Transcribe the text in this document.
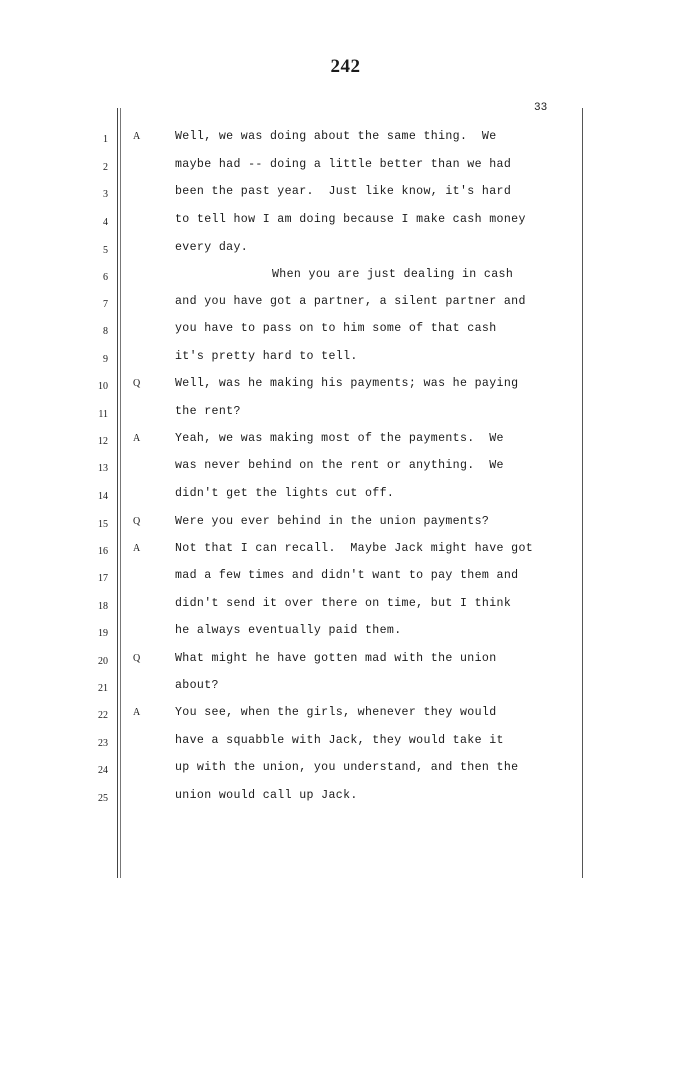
242
33
1	A	Well, we was doing about the same thing.  We
2	maybe had -- doing a little better than we had
3	been the past year.  Just like know, it's hard
4	to tell how I am doing because I make cash money
5	every day.
6	When you are just dealing in cash
7	and you have got a partner, a silent partner and
8	you have to pass on to him some of that cash
9	it's pretty hard to tell.
10	Q	Well, was he making his payments; was he paying
11	the rent?
12	A	Yeah, we was making most of the payments.  We
13	was never behind on the rent or anything.  We
14	didn't get the lights cut off.
15	Q	Were you ever behind in the union payments?
16	A	Not that I can recall.  Maybe Jack might have got
17	mad a few times and didn't want to pay them and
18	didn't send it over there on time, but I think
19	he always eventually paid them.
20	Q	What might he have gotten mad with the union
21	about?
22	A	You see, when the girls, whenever they would
23	have a squabble with Jack, they would take it
24	up with the union, you understand, and then the
25	union would call up Jack.
